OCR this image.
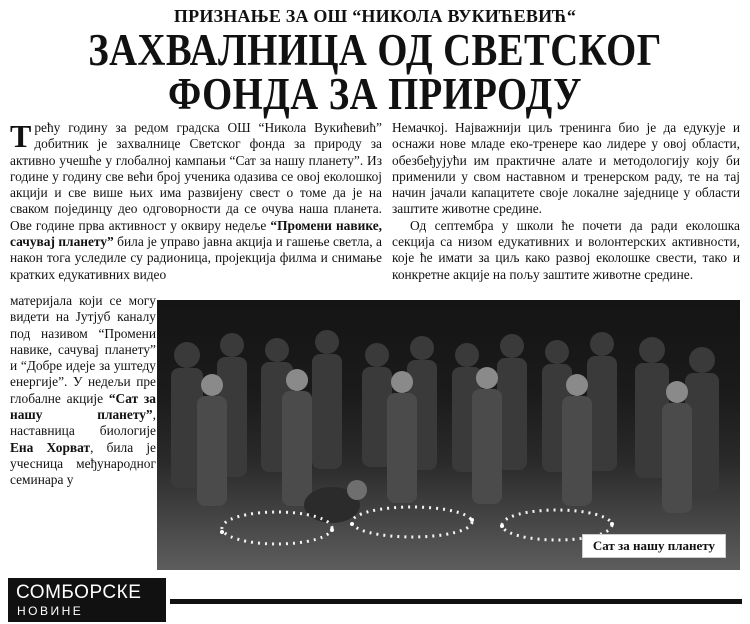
ПРИЗНАЊЕ ЗА ОШ “НИКОЛА ВУКИЋЕВИЋ“
ЗАХВАЛНИЦА ОД СВЕТСКОГ
ФОНДА ЗА ПРИРОДУ

Трећу годину за редом градска ОШ “Никола Вукићевић” добитник је захвалнице Светског фонда за природу за активно учешће у глобалној кампањи “Сат за нашу планету”. Из године у годину све већи број ученика одазива се овој еколошкој акцији и све више њих има развијену свест о томе да је на сваком појединцу део одговорности да се очува наша планета. Ове године прва активност у оквиру недеље “Промени навике, сачувај планету” била је управо јавна акција и гашење светла, а након тога уследиле су радионица, пројекција филма и снимање кратких едукативних видео

материјала који се могу видети на Јутјуб каналу под називом “Промени навике, сачувај планету” и “Добре идеје за уштеду енергије”. У недељи пре глобалне акције “Сат за нашу планету”, наставница биологије Ена Хорват, била је учесница међународног семинара у

Немачкој. Најважнији циљ тренинга био је да едукује и оснажи нове младе еко-тренере као лидере у овој области, обезбеђујући им практичне алате и методологију коју би применили у свом наставном и тренерском раду, те на тај начин јачали капацитете своје локалне заједнице у области заштите животне средине.

Од септембра у школи ће почети да ради еколошка секција са низом едукативних и волонтерских активности, које ће имати за циљ како развој еколошке свести, тако и конкретне акције на пољу заштите животне средине.

Сат за нашу планету
СОМБОРСКЕ
НОВИНЕ
